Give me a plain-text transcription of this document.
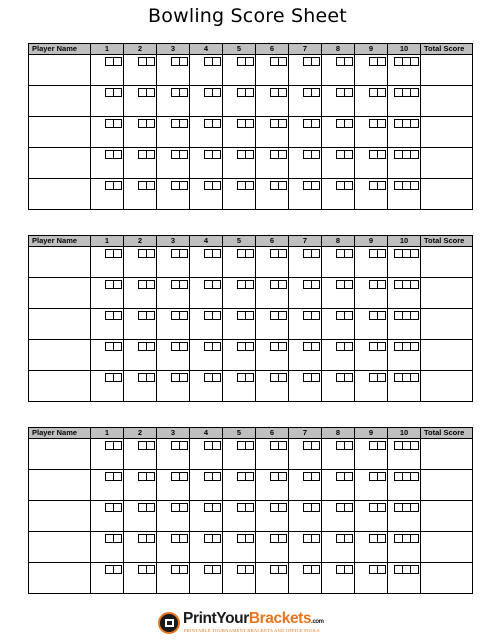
Bowling Score Sheet
Player Name	1	2	3	4	5	6	7	8	9	10	Total Score

Player Name	1	2	3	4	5	6	7	8	9	10	Total Score

Player Name	1	2	3	4	5	6	7	8	9	10	Total Score

PrintYourBrackets.com
PRINTABLE TOURNAMENT BRACKETS AND OFFICE POOLS
